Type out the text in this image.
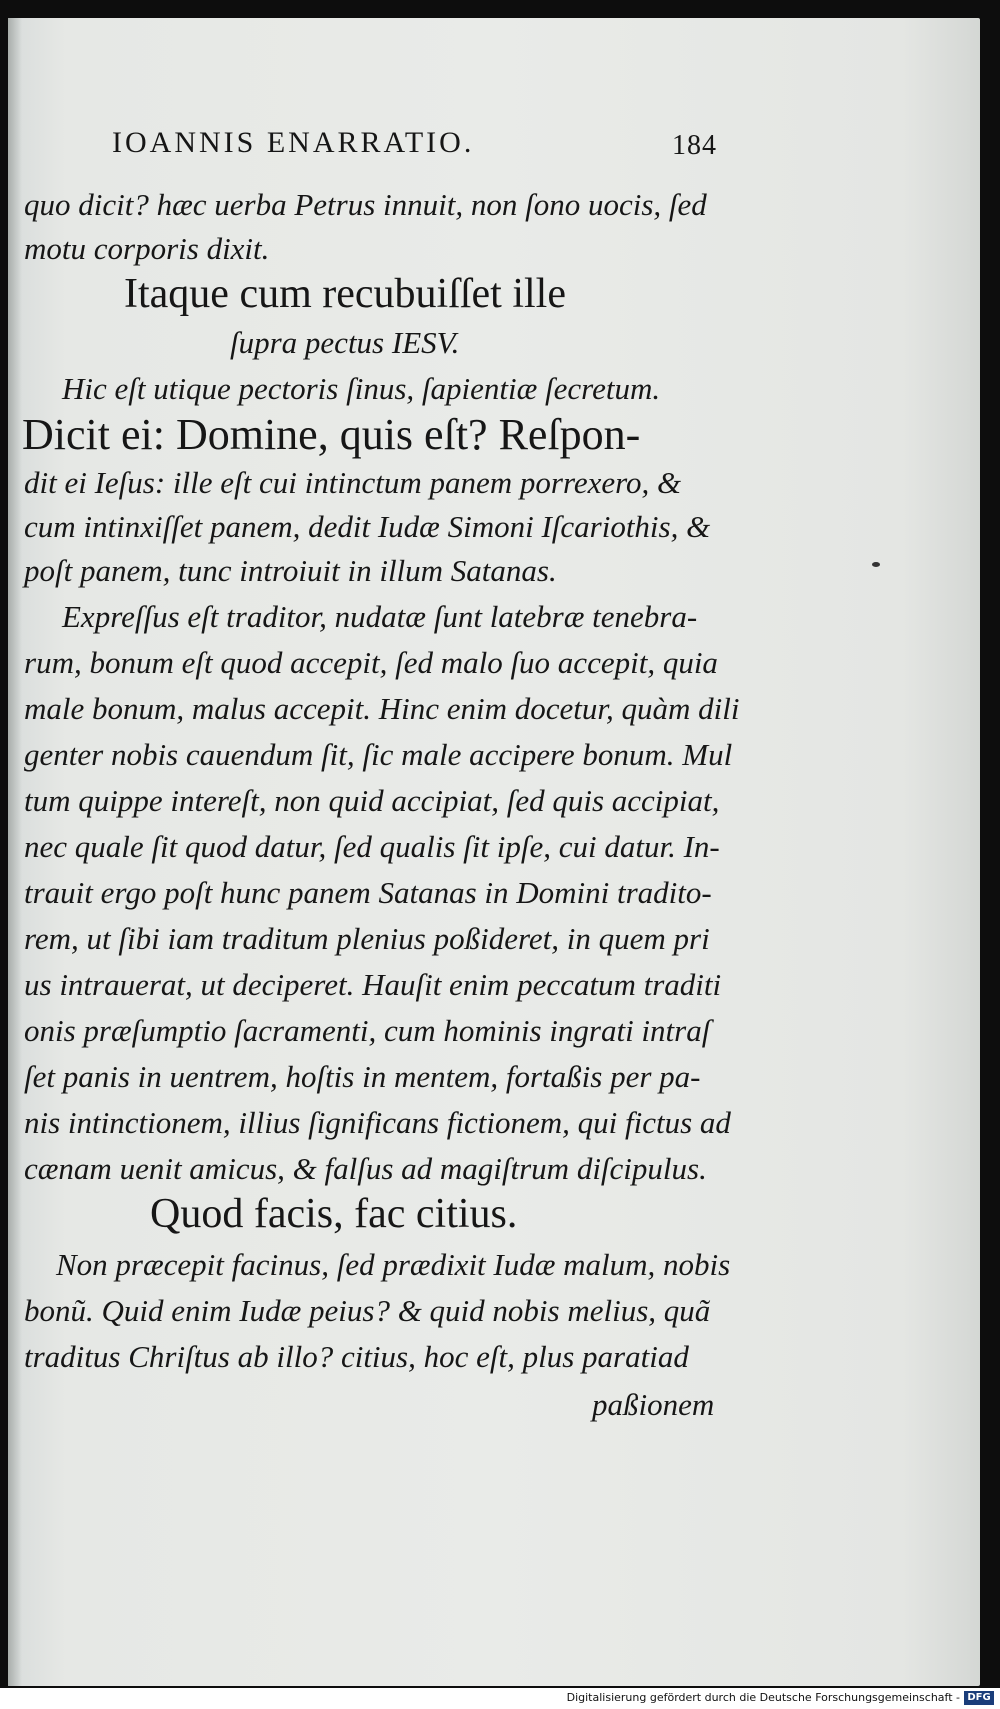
IOANNIS ENARRATIO.	184
quo dicit? hæc uerba Petrus innuit, non ſono uocis, ſed
motu corporis dixit.
Itaque cum recubuiſſet ille
ſupra pectus IESV.
Hic eſt utique pectoris ſinus, ſapientiæ ſecretum.
Dicit ei: Domine, quis eſt? Reſpon-
dit ei Ieſus: ille eſt cui intinctum panem porrexero, &
cum intinxiſſet panem, dedit Iudæ Simoni Iſcariothis, &
poſt panem, tunc introiuit in illum Satanas.
Expreſſus eſt traditor, nudatæ ſunt latebræ tenebra-
rum, bonum eſt quod accepit, ſed malo ſuo accepit, quia
male bonum, malus accepit. Hinc enim docetur, quàm dili
genter nobis cauendum ſit, ſic male accipere bonum. Mul
tum quippe intereſt, non quid accipiat, ſed quis accipiat,
nec quale ſit quod datur, ſed qualis ſit ipſe, cui datur. In-
trauit ergo poſt hunc panem Satanas in Domini tradito-
rem, ut ſibi iam traditum plenius poßideret, in quem pri
us intrauerat, ut deciperet. Hauſit enim peccatum traditi
onis præſumptio ſacramenti, cum hominis ingrati intraſ
ſet panis in uentrem, hoſtis in mentem, fortaßis per pa-
nis intinctionem, illius ſignificans fictionem, qui fictus ad
cænam uenit amicus, & falſus ad magiſtrum diſcipulus.
Quod facis, fac citius.
Non præcepit facinus, ſed prædixit Iudæ malum, nobis
bonũ. Quid enim Iudæ peius? & quid nobis melius, quã
traditus Chriſtus ab illo? citius, hoc eſt, plus paratiad
paßionem
Digitalisierung gefördert durch die Deutsche Forschungsgemeinschaft - DFG
